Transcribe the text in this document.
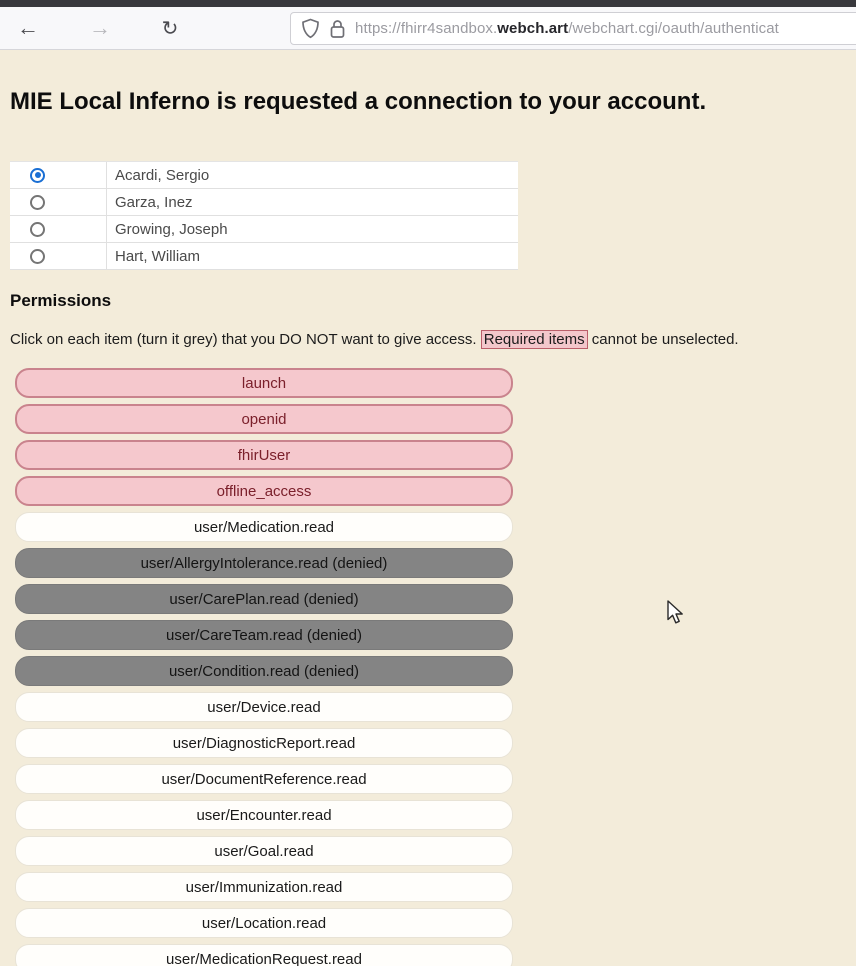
← →	↻	https://fhirr4sandbox.webch.art/webchart.cgi/oauth/authenticat
MIE Local Inferno is requested a connection to your account.
Acardi, Sergio
Garza, Inez
Growing, Joseph
Hart, William
Permissions
Click on each item (turn it grey) that you DO NOT want to give access. Required items cannot be unselected.
launch
openid
fhirUser
offline_access
user/Medication.read
user/AllergyIntolerance.read (denied)
user/CarePlan.read (denied)
user/CareTeam.read (denied)
user/Condition.read (denied)
user/Device.read
user/DiagnosticReport.read
user/DocumentReference.read
user/Encounter.read
user/Goal.read
user/Immunization.read
user/Location.read
user/MedicationRequest.read
